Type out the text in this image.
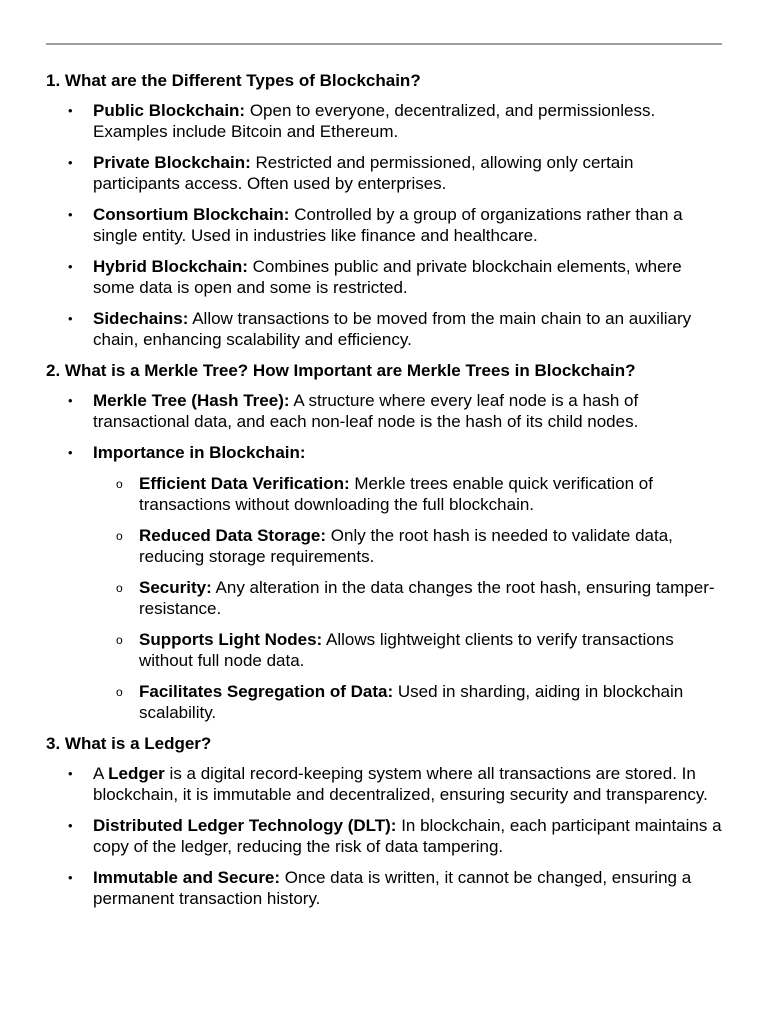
1. What are the Different Types of Blockchain?
• Public Blockchain: Open to everyone, decentralized, and permissionless. Examples include Bitcoin and Ethereum.
• Private Blockchain: Restricted and permissioned, allowing only certain participants access. Often used by enterprises.
• Consortium Blockchain: Controlled by a group of organizations rather than a single entity. Used in industries like finance and healthcare.
• Hybrid Blockchain: Combines public and private blockchain elements, where some data is open and some is restricted.
• Sidechains: Allow transactions to be moved from the main chain to an auxiliary chain, enhancing scalability and efficiency.
2. What is a Merkle Tree? How Important are Merkle Trees in Blockchain?
• Merkle Tree (Hash Tree): A structure where every leaf node is a hash of transactional data, and each non-leaf node is the hash of its child nodes.
• Importance in Blockchain:
o Efficient Data Verification: Merkle trees enable quick verification of transactions without downloading the full blockchain.
o Reduced Data Storage: Only the root hash is needed to validate data, reducing storage requirements.
o Security: Any alteration in the data changes the root hash, ensuring tamper-resistance.
o Supports Light Nodes: Allows lightweight clients to verify transactions without full node data.
o Facilitates Segregation of Data: Used in sharding, aiding in blockchain scalability.
3. What is a Ledger?
• A Ledger is a digital record-keeping system where all transactions are stored. In blockchain, it is immutable and decentralized, ensuring security and transparency.
• Distributed Ledger Technology (DLT): In blockchain, each participant maintains a copy of the ledger, reducing the risk of data tampering.
• Immutable and Secure: Once data is written, it cannot be changed, ensuring a permanent transaction history.
